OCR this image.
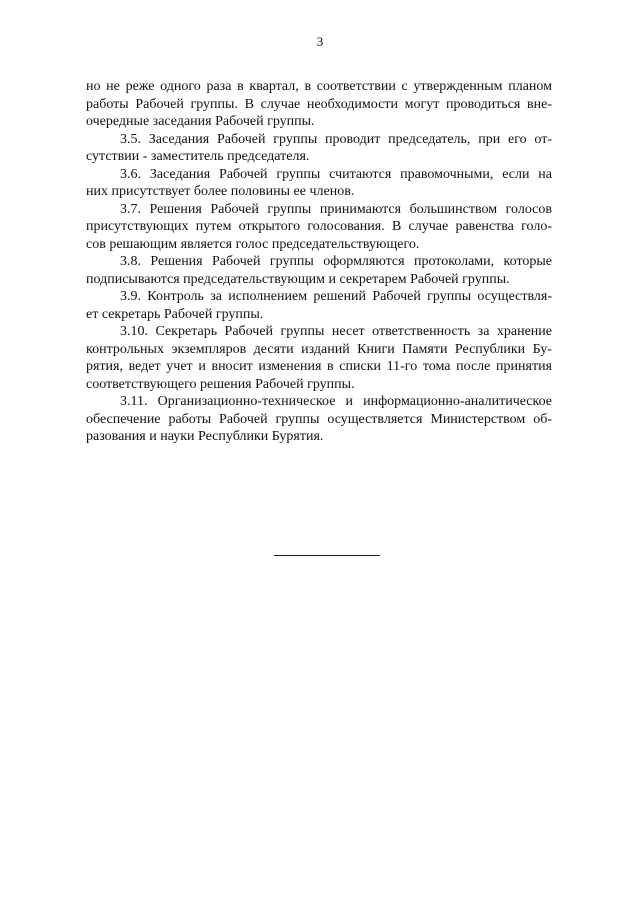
3

но не реже одного раза в квартал, в соответствии с утвержденным планом
работы Рабочей группы. В случае необходимости могут проводиться вне-
очередные заседания Рабочей группы.

3.5. Заседания Рабочей группы проводит председатель, при его от-
сутствии - заместитель председателя.

3.6. Заседания Рабочей группы считаются правомочными, если на
них присутствует более половины ее членов.

3.7. Решения Рабочей группы принимаются большинством голосов
присутствующих путем открытого голосования. В случае равенства голо-
сов решающим является голос председательствующего.

3.8. Решения Рабочей группы оформляются протоколами, которые
подписываются председательствующим и секретарем Рабочей группы.

3.9. Контроль за исполнением решений Рабочей группы осуществля-
ет секретарь Рабочей группы.

3.10. Секретарь Рабочей группы несет ответственность за хранение
контрольных экземпляров десяти изданий Книги Памяти Республики Бу-
рятия, ведет учет и вносит изменения в списки 11-го тома после принятия
соответствующего решения Рабочей группы.

3.11. Организационно-техническое и информационно-аналитическое
обеспечение работы Рабочей группы осуществляется Министерством об-
разования и науки Республики Бурятия.
